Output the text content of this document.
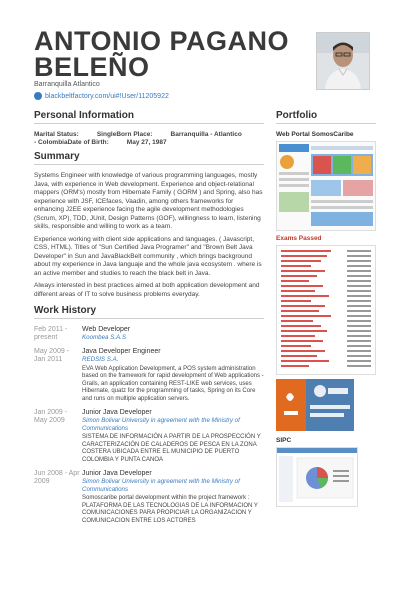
ANTONIO PAGANO BELEÑO
Barranquilla Atlantico
blackbeltfactory.com/ui#!User/11205922
Personal Information
Marital Status:          SingleBorn Place:          Barranquilla - Atlantico
- ColombiaDate of Birth:          May 27, 1987
Summary

Systems Engineer with knowledge of various programming languages, mostly Java, with experience in Web development. Experience and object-relational mappers (ORM's) mostly from Hibernate Family ( GORM ) and Spring, also has experience with JSF, ICEfaces, Vaadin, among others frameworks for enhancing J2EE experience facing the agile development methodologies (Scrum, XP), TDD, JUnit, Design Patterns (GOF), willingness to learn, listening skills, responsible and willing to work as a team.

Experience working with client side applications and languages. ( Javascript, CSS, HTML). Titles of "Sun Certified Java Programer" and "Brown Belt Java Developer" in Sun and JavaBlackBelt community , which brings background about my experience in Java languaje and the whole java ecosystem . where is an active member and studies to reach the black belt in Java.

Always interested in best practices aimed at both application development and different areas of IT to solve business problems everyday.

Work History
Feb 2011 - present
Web Developer
Koombea S.A.S
May 2009 - Jan 2011
Java Developer Engineer
REDSIS S.A.
EVA Web Application Development, a POS system administration based on the framework for rapid development of Web applications - Grails, an application containing REST-LIKE web services, uses Hibernate, quatz for the programming of tasks, Spring on its Core and runs on multiple application servers.
Jan 2009 - May 2009
Junior Java Developer
Simon Bolivar University in agreement with the Ministry of Communications
SISTEMA DE INFORMACIÓN A PARTIR DE LA PROSPECCIÓN Y CARACTERIZACIÓN DE CALADEROS DE PESCA EN LA ZONA COSTERA UBICADA ENTRE EL MUNICIPIO DE PUERTO COLOMBIA Y PUNTA CANOA
Jun 2008 - Apr 2009
Junior Java Developer
Simon Bolivar University in agreement with the Ministry of Communications
Somoscaribe portal development within the project framework : PLATAFORMA DE LAS TECNOLOGIAS DE LA INFORMACION Y COMUNICACIONES PARA PROPICIAR LA ORGANIZACION Y COMUNICACION ENTRE LOS ACTORES
Portfolio
Web Portal SomosCaribe
Exams Passed
SIPC
